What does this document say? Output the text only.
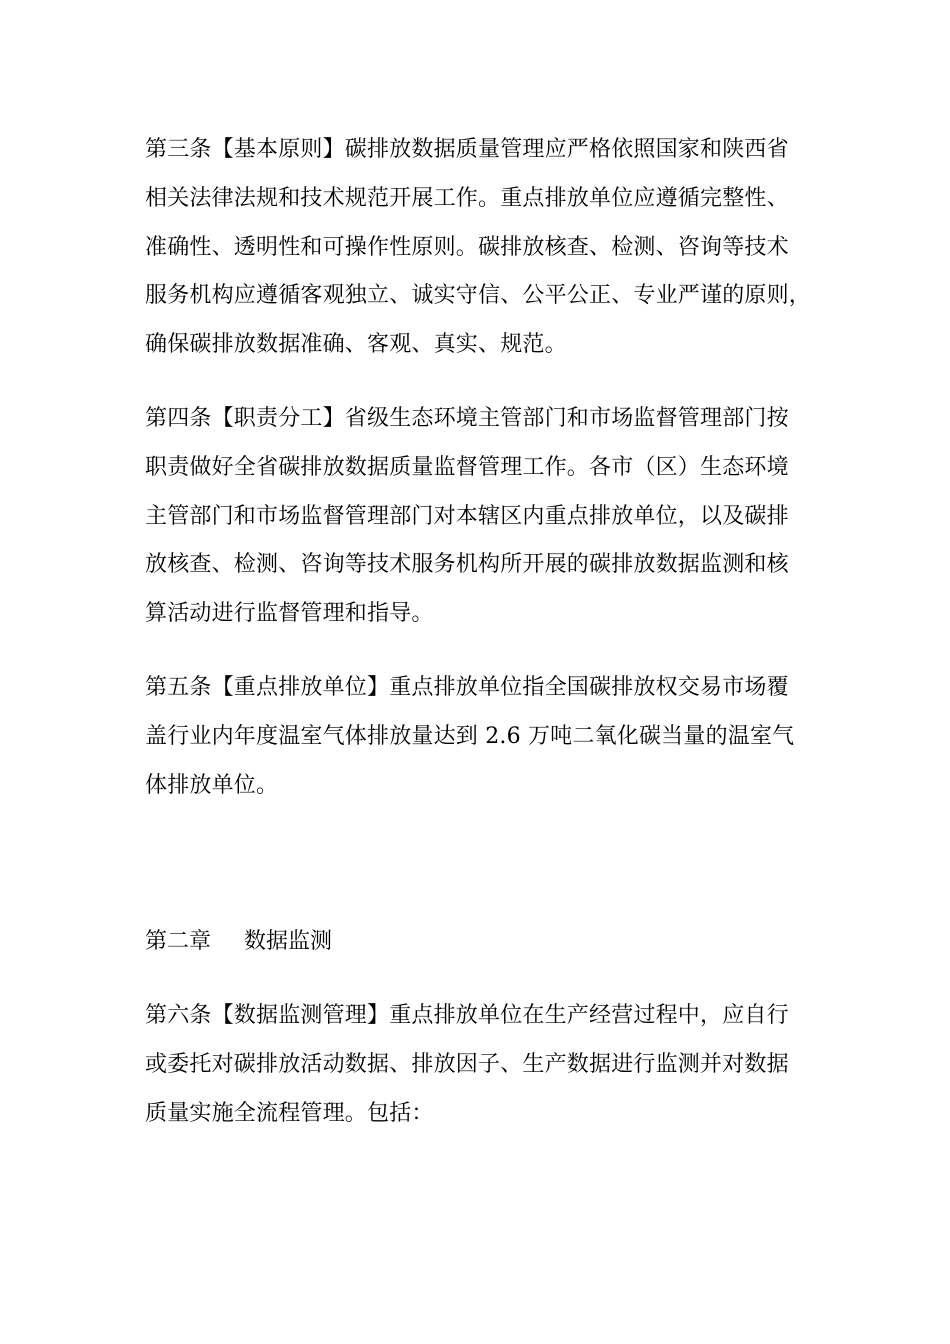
第三条【基本原则】碳排放数据质量管理应严格依照国家和陕西省
相关法律法规和技术规范开展工作。重点排放单位应遵循完整性、
准确性、透明性和可操作性原则。碳排放核查、检测、咨询等技术
服务机构应遵循客观独立、诚实守信、公平公正、专业严谨的原则，
确保碳排放数据准确、客观、真实、规范。

第四条【职责分工】省级生态环境主管部门和市场监督管理部门按
职责做好全省碳排放数据质量监督管理工作。各市（区）生态环境
主管部门和市场监督管理部门对本辖区内重点排放单位，以及碳排
放核查、检测、咨询等技术服务机构所开展的碳排放数据监测和核
算活动进行监督管理和指导。

第五条【重点排放单位】重点排放单位指全国碳排放权交易市场覆
盖行业内年度温室气体排放量达到 2.6 万吨二氧化碳当量的温室气
体排放单位。

第二章 数据监测

第六条【数据监测管理】重点排放单位在生产经营过程中，应自行
或委托对碳排放活动数据、排放因子、生产数据进行监测并对数据
质量实施全流程管理。包括：
